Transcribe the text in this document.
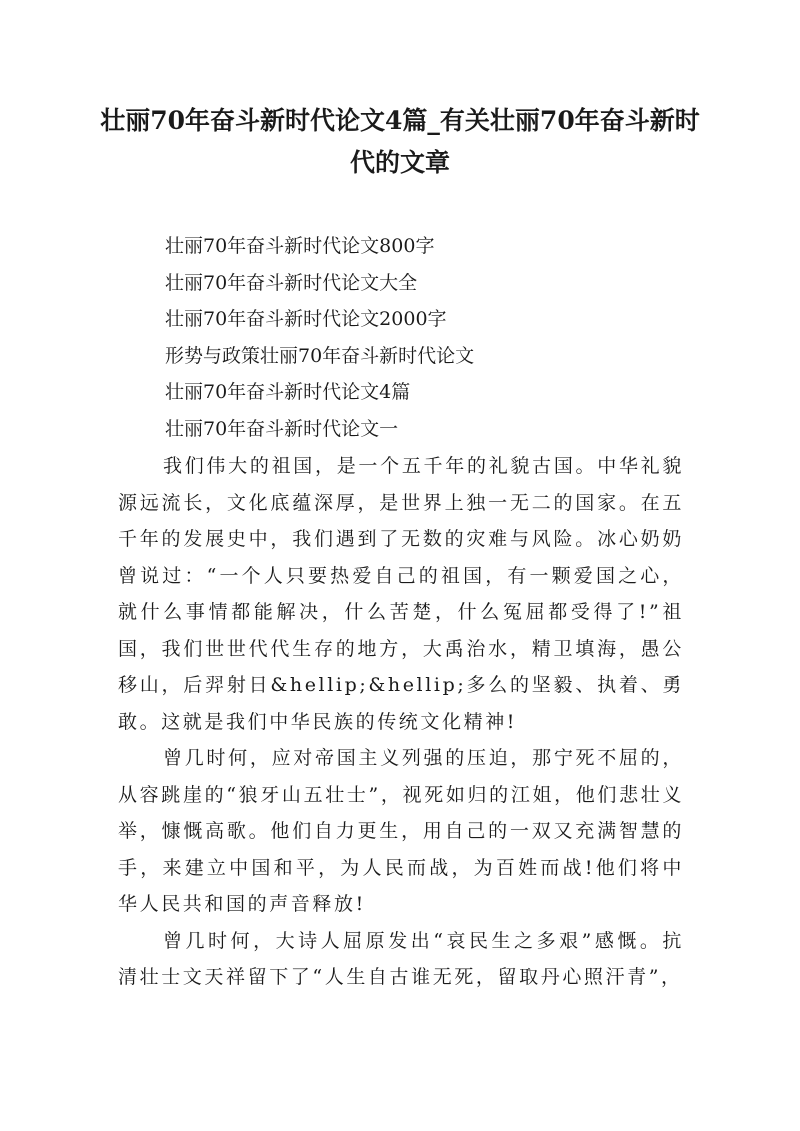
壮丽70年奋斗新时代论文4篇_有关壮丽70年奋斗新时代的文章
壮丽70年奋斗新时代论文800字
壮丽70年奋斗新时代论文大全
壮丽70年奋斗新时代论文2000字
形势与政策壮丽70年奋斗新时代论文
壮丽70年奋斗新时代论文4篇
壮丽70年奋斗新时代论文一

我们伟大的祖国，是一个五千年的礼貌古国。中华礼貌源远流长，文化底蕴深厚，是世界上独一无二的国家。在五千年的发展史中，我们遇到了无数的灾难与风险。冰心奶奶曾说过：“一个人只要热爱自己的祖国，有一颗爱国之心，就什么事情都能解决，什么苦楚，什么冤屈都受得了!”祖国，我们世世代代生存的地方，大禹治水，精卫填海，愚公移山，后羿射日&hellip;&hellip;多么的坚毅、执着、勇敢。这就是我们中华民族的传统文化精神!

曾几时何，应对帝国主义列强的压迫，那宁死不屈的，从容跳崖的“狼牙山五壮士”，视死如归的江姐，他们悲壮义举，慷慨高歌。他们自力更生，用自己的一双又充满智慧的手，来建立中国和平，为人民而战，为百姓而战!他们将中华人民共和国的声音释放!

曾几时何，大诗人屈原发出“哀民生之多艰”感慨。抗清壮士文天祥留下了“人生自古谁无死，留取丹心照汗青”，
